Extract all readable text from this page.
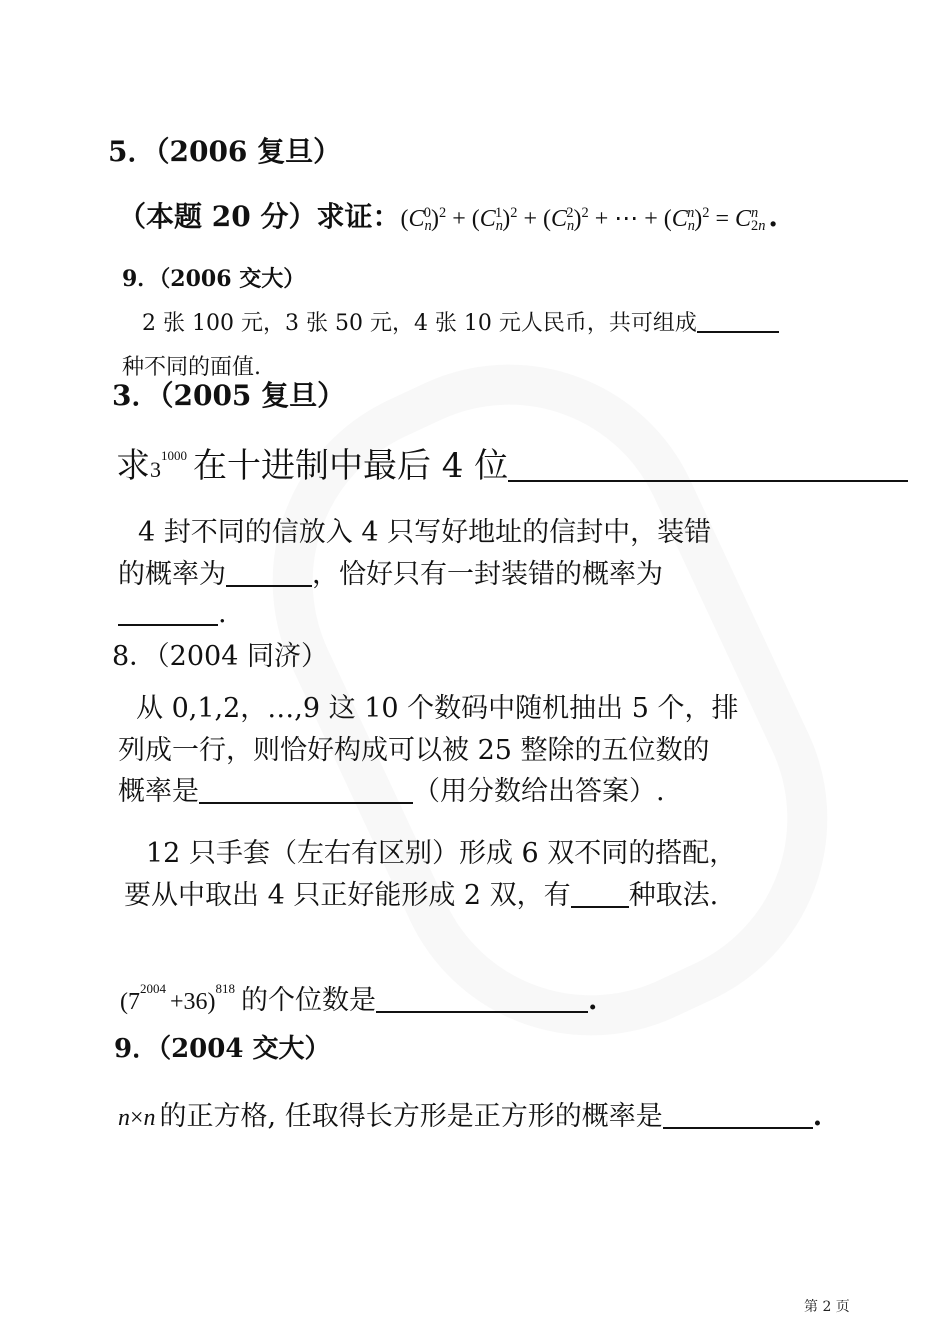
5．（2006 复旦）
（本题 20 分）求证：$(Cn^0)^2 + (Cn^1)^2 + (Cn^2)^2$ + ⋯ + $(Cn^n)^2 = C2n^n$ .
9．（2006 交大）
2 张 100 元，3 张 50 元，4 张 10 元人民币，共可组成
种不同的面值.
3．（2005 复旦）
求$3^{1000}$ 在十进制中最后 4 位
4 封不同的信放入 4 只写好地址的信封中，装错
的概率为	，恰好只有一封装错的概率为
.
8．（2004 同济）
从 0,1,2，…,9 这 10 个数码中随机抽出 5 个，排
列成一行，则恰好构成可以被 25 整除的五位数的
概率是	（用分数给出答案）.
12 只手套（左右有区别）形成 6 双不同的搭配，
要从中取出 4 只正好能形成 2 双，有 种取法.
$(7^{2004}+36)^{818}$ 的个位数是	.
9．（2004 交大）
n×n 的正方格, 任取得长方形是正方形的概率是	.
第 2 页
